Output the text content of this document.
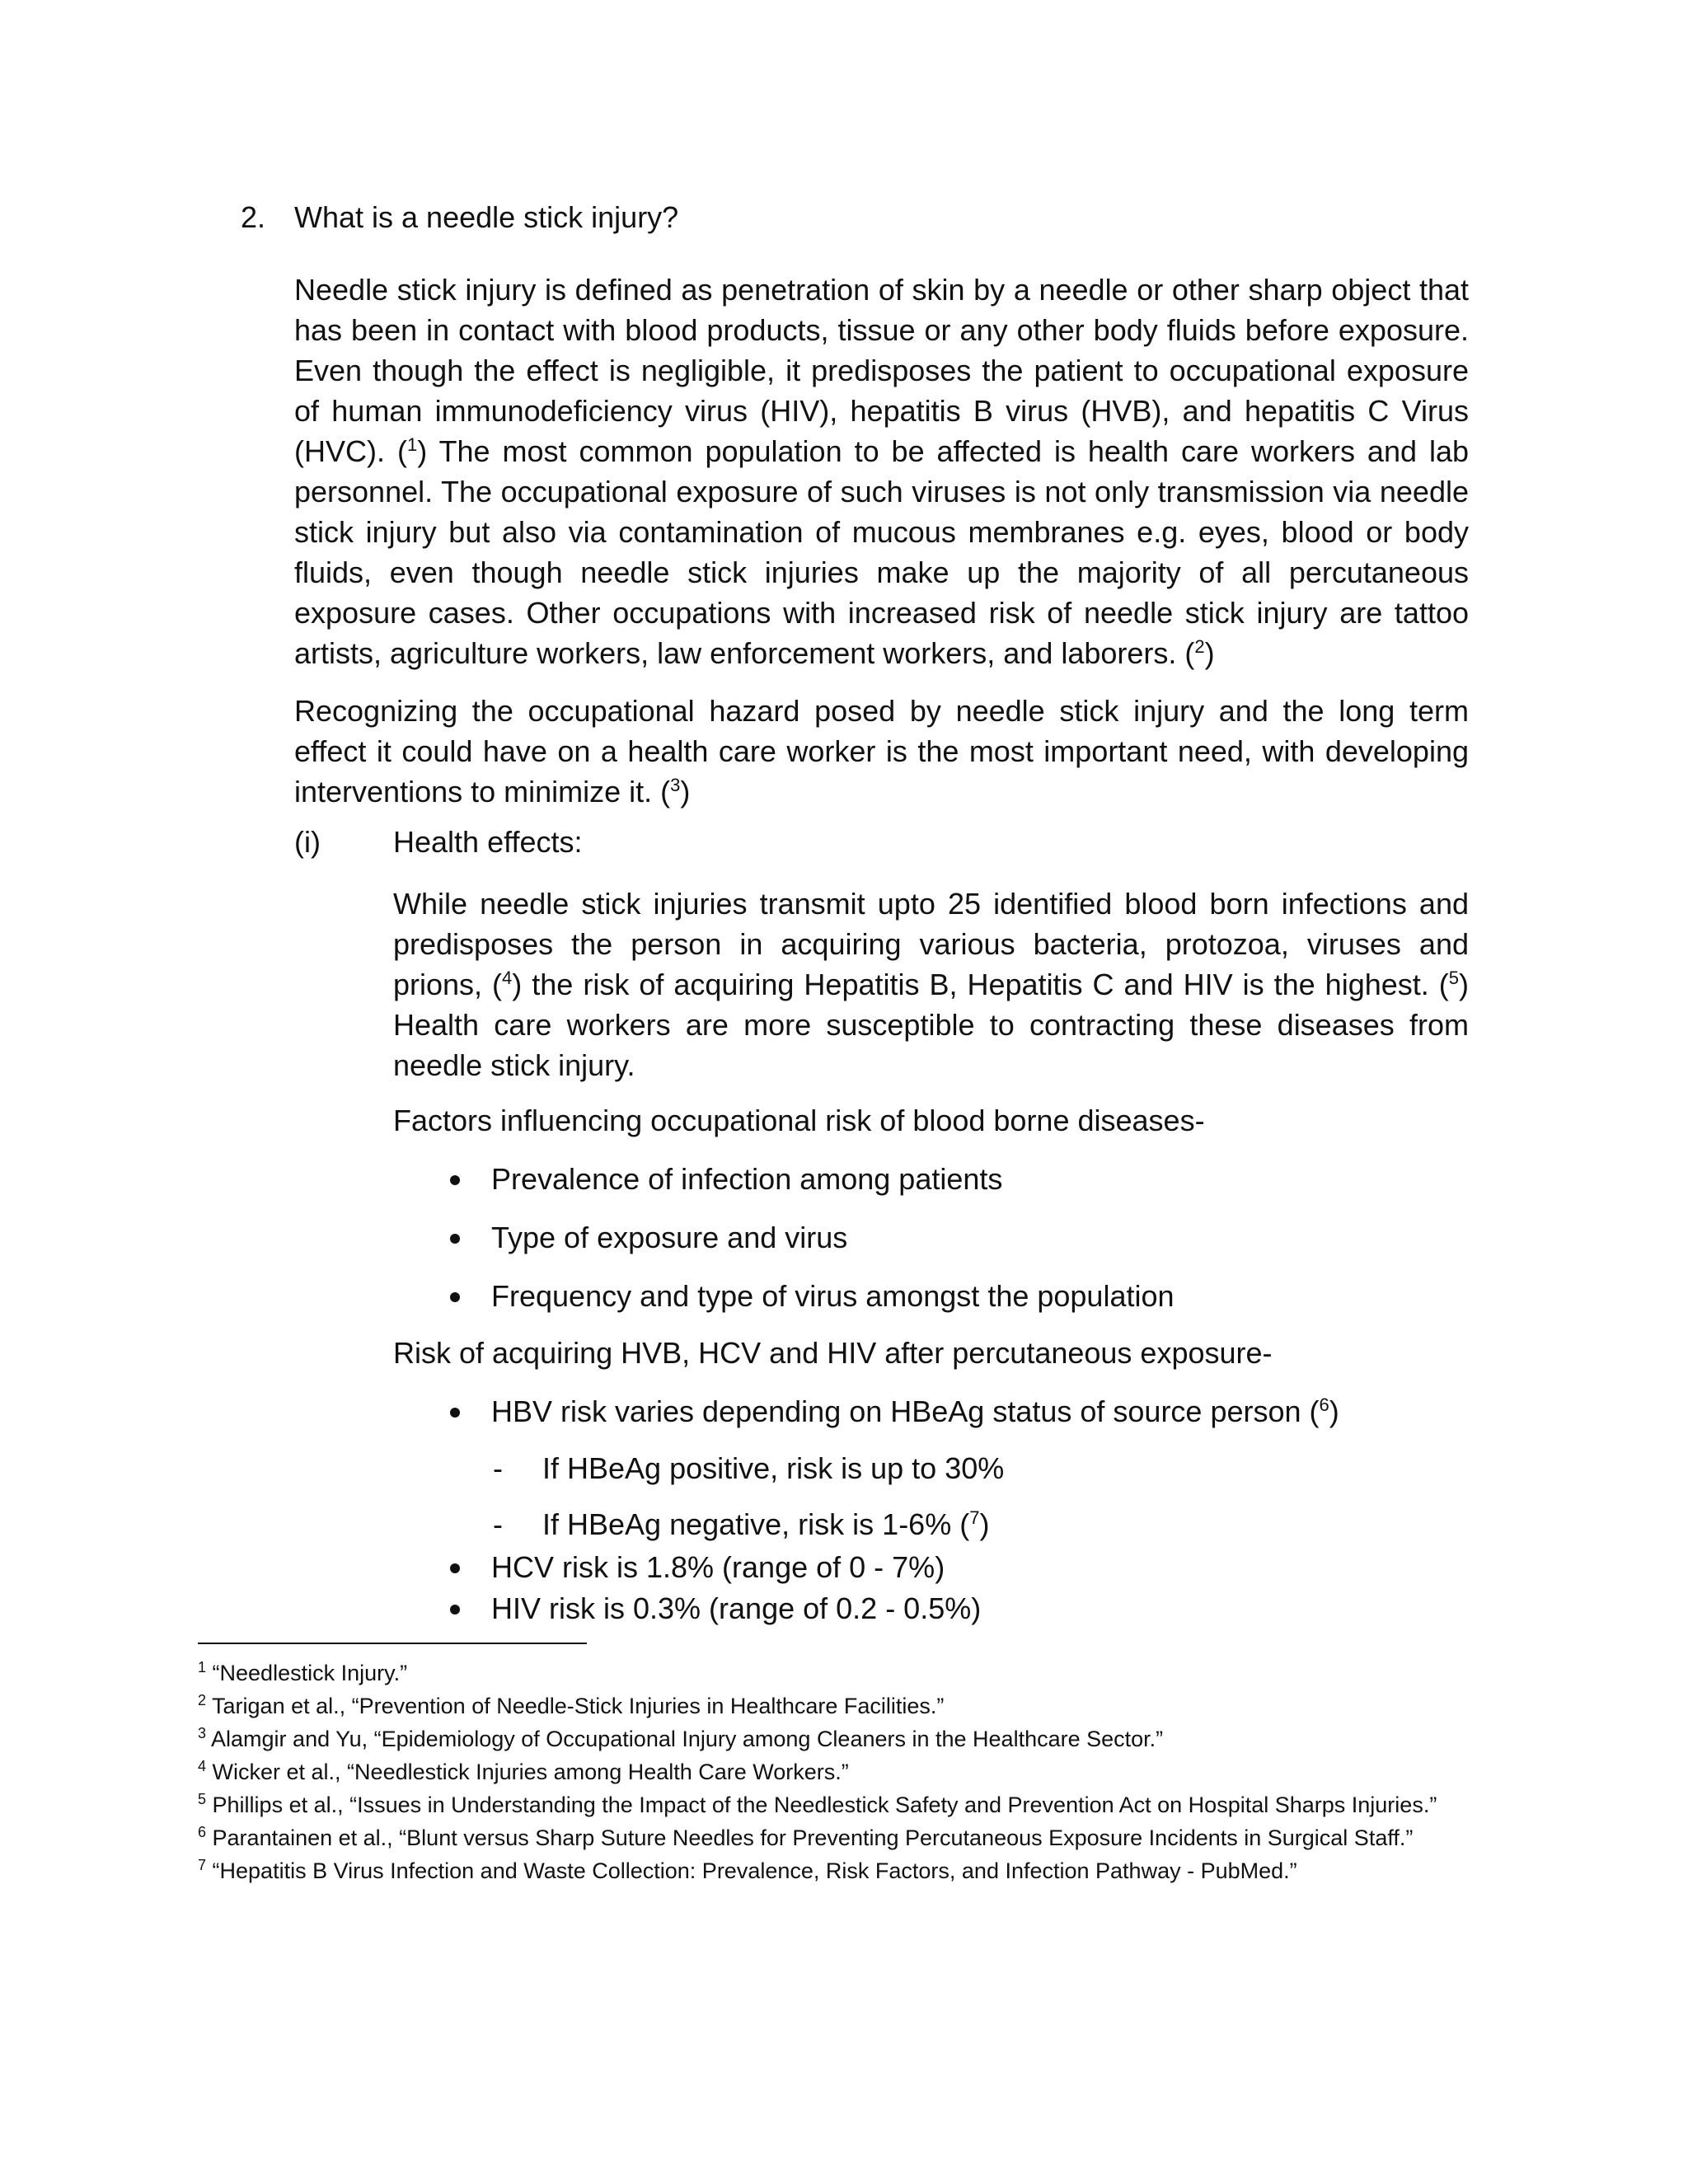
2. What is a needle stick injury?

Needle stick injury is defined as penetration of skin by a needle or other sharp object that has been in contact with blood products, tissue or any other body fluids before exposure. Even though the effect is negligible, it predisposes the patient to occupational exposure of human immunodeficiency virus (HIV), hepatitis B virus (HVB), and hepatitis C Virus (HVC). ($^1$) The most common population to be affected is health care workers and lab personnel. The occupational exposure of such viruses is not only transmission via needle stick injury but also via contamination of mucous membranes e.g. eyes, blood or body fluids, even though needle stick injuries make up the majority of all percutaneous exposure cases. Other occupations with increased risk of needle stick injury are tattoo artists, agriculture workers, law enforcement workers, and laborers. ($^2$)

Recognizing the occupational hazard posed by needle stick injury and the long term effect it could have on a health care worker is the most important need, with developing interventions to minimize it. ($^3$)

(i) Health effects:

While needle stick injuries transmit upto 25 identified blood born infections and predisposes the person in acquiring various bacteria, protozoa, viruses and prions, ($^4$) the risk of acquiring Hepatitis B, Hepatitis C and HIV is the highest. ($^5$) Health care workers are more susceptible to contracting these diseases from needle stick injury.

Factors influencing occupational risk of blood borne diseases-
Prevalence of infection among patients
Type of exposure and virus
Frequency and type of virus amongst the population
Risk of acquiring HVB, HCV and HIV after percutaneous exposure-
HBV risk varies depending on HBeAg status of source person ($^6$)
- If HBeAg positive, risk is up to 30%
- If HBeAg negative, risk is 1-6% ($^7$)
HCV risk is 1.8% (range of 0 - 7%)
HIV risk is 0.3% (range of 0.2 - 0.5%)

$^1$ “Needlestick Injury.”

$^2$ Tarigan et al., “Prevention of Needle-Stick Injuries in Healthcare Facilities.”

$^3$ Alamgir and Yu, “Epidemiology of Occupational Injury among Cleaners in the Healthcare Sector.”

$^4$ Wicker et al., “Needlestick Injuries among Health Care Workers.”

$^5$ Phillips et al., “Issues in Understanding the Impact of the Needlestick Safety and Prevention Act on Hospital Sharps Injuries.”

$^6$ Parantainen et al., “Blunt versus Sharp Suture Needles for Preventing Percutaneous Exposure Incidents in Surgical Staff.”

$^7$ “Hepatitis B Virus Infection and Waste Collection: Prevalence, Risk Factors, and Infection Pathway - PubMed.”
